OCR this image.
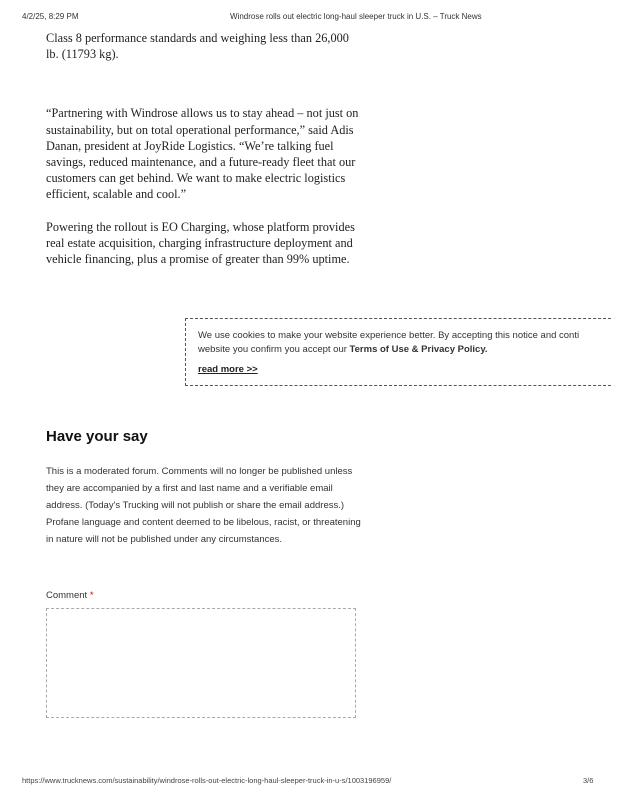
4/2/25, 8:29 PM	Windrose rolls out electric long-haul sleeper truck in U.S. – Truck News

Class 8 performance standards and weighing less than 26,000 lb. (11793 kg).

“Partnering with Windrose allows us to stay ahead – not just on sustainability, but on total operational performance,” said Adis Danan, president at JoyRide Logistics. “We’re talking fuel savings, reduced maintenance, and a future-ready fleet that our customers can get behind. We want to make electric logistics efficient, scalable and cool.”

Powering the rollout is EO Charging, whose platform provides real estate acquisition, charging infrastructure deployment and vehicle financing, plus a promise of greater than 99% uptime.

We use cookies to make your website experience better. By accepting this notice and conti

website you confirm you accept our Terms of Use & Privacy Policy.

read more >>
Have your say

This is a moderated forum. Comments will no longer be published unless they are accompanied by a first and last name and a verifiable email address. (Today's Trucking will not publish or share the email address.) Profane language and content deemed to be libelous, racist, or threatening in nature will not be published under any circumstances.

Comment *
https://www.trucknews.com/sustainability/windrose-rolls-out-electric-long-haul-sleeper-truck-in-u-s/1003196959/	3/6
